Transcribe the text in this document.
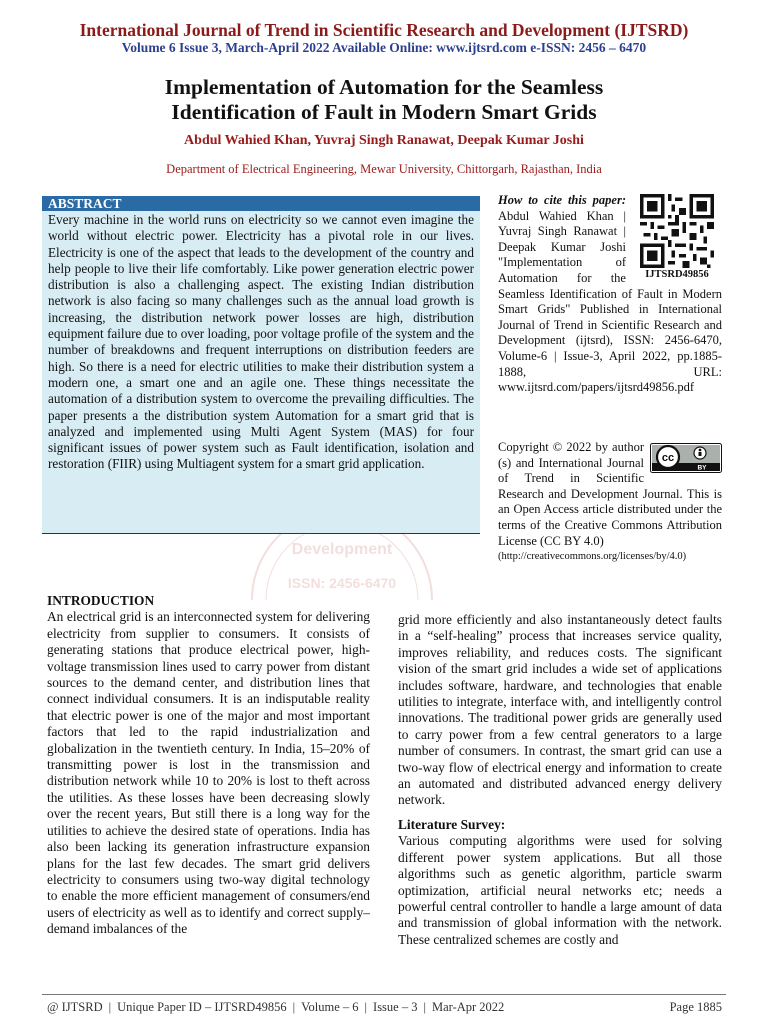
International Journal of Trend in Scientific Research and Development (IJTSRD)
Volume 6 Issue 3, March-April 2022 Available Online: www.ijtsrd.com e-ISSN: 2456 – 6470
Implementation of Automation for the Seamless
Identification of Fault in Modern Smart Grids
Abdul Wahied Khan, Yuvraj Singh Ranawat, Deepak Kumar Joshi
Department of Electrical Engineering, Mewar University, Chittorgarh, Rajasthan, India
Development
ISSN: 2456-6470
ABSTRACT

Every machine in the world runs on electricity so we cannot even imagine the world without electric power. Electricity has a pivotal role in our lives. Electricity is one of the aspect that leads to the development of the country and help people to live their life comfortably. Like power generation electric power distribution is also a challenging aspect. The existing Indian distribution network is also facing so many challenges such as the annual load growth is increasing, the distribution network power losses are high, distribution equipment failure due to over loading, poor voltage profile of the system and the number of breakdowns and frequent interruptions on distribution feeders are high. So there is a need for electric utilities to make their distribution system a modern one, a smart one and an agile one. These things necessitate the automation of a distribution system to overcome the prevailing difficulties. The paper presents a the distribution system Automation for a smart grid that is analyzed and implemented using Multi Agent System (MAS) for four significant issues of power system such as Fault identification, isolation and restoration (FIIR) using Multiagent system for a smart grid application.

IJTSRD49856
How to cite this paper: Abdul Wahied Khan | Yuvraj Singh Ranawat | Deepak Kumar Joshi "Implementation of Automation for the Seamless Identification of Fault in Modern Smart Grids" Published in International Journal of Trend in Scientific Research and Development (ijtsrd), ISSN: 2456-6470, Volume-6 | Issue-3, April 2022, pp.1885-1888, URL: www.ijtsrd.com/papers/ijtsrd49856.pdf
cc
BY
Copyright © 2022 by author (s) and International Journal of Trend in Scientific Research and Development Journal. This is an Open Access article distributed under the terms of the Creative Commons Attribution License (CC BY 4.0)
(http://creativecommons.org/licenses/by/4.0)
INTRODUCTION

An electrical grid is an interconnected system for delivering electricity from supplier to consumers. It consists of generating stations that produce electrical power, high-voltage transmission lines used to carry power from distant sources to the demand center, and distribution lines that connect individual consumers. It is an indisputable reality that electric power is one of the major and most important factors that led to the rapid industrialization and globalization in the twentieth century. In India, 15–20% of transmitting power is lost in the transmission and distribution network while 10 to 20% is lost to theft across the utilities. As these losses have been decreasing slowly over the recent years, But still there is a long way for the utilities to achieve the desired state of operations. India has also been lacking its generation infrastructure expansion plans for the last few decades. The smart grid delivers electricity to consumers using two-way digital technology to enable the more efficient management of consumers/end users of electricity as well as to identify and correct supply–demand imbalances of the

grid more efficiently and also instantaneously detect faults in a “self-healing” process that increases service quality, improves reliability, and reduces costs. The significant vision of the smart grid includes a wide set of applications includes software, hardware, and technologies that enable utilities to integrate, interface with, and intelligently control innovations. The traditional power grids are generally used to carry power from a few central generators to a large number of consumers. In contrast, the smart grid can use a two-way flow of electrical energy and information to create an automated and distributed advanced energy delivery network.

Literature Survey:

Various computing algorithms were used for solving different power system applications. But all those algorithms such as genetic algorithm, particle swarm optimization, artificial neural networks etc; needs a powerful central controller to handle a large amount of data and transmission of global information with the network. These centralized schemes are costly and

@ IJTSRD | Unique Paper ID – IJTSRD49856 | Volume – 6 | Issue – 3 | Mar-Apr 2022	Page 1885
